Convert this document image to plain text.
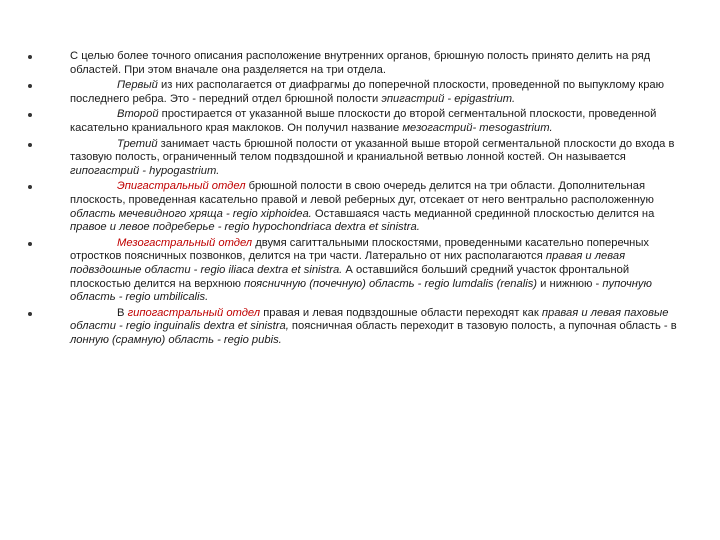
С целью более точного описания расположение внутренних органов, брюшную полость принято делить на ряд областей. При этом вначале она разделяется на три отдела.
Первый из них располагается от диафрагмы до поперечной плоскости, проведенной по выпуклому краю последнего ребра. Это - передний отдел брюшной полости эпигастрий - epigastrium.
Второй простирается от указанной выше плоскости до второй сегментальной плоскости, проведенной касательно краниального края маклоков. Он получил название мезогастрий- mesogastrium.
Третий занимает часть брюшной полости от указанной выше второй сегментальной плоскости до входа в тазовую полость, ограниченный телом подвздошной и краниальной ветвью лонной костей. Он называется гипогастрий - hypogastrium.
Эпигастральный отдел брюшной полости в свою очередь делится на три области. Дополнительная плоскость, проведенная касательно правой и левой реберных дуг, отсекает от него вентрально расположенную область мечевидного хряща - regio xiphoidea. Оставшаяся часть медианной срединной плоскостью делится на правое и левое подреберье - regio hypochondriaca dextra et sinistra.
Мезогастральный отдел двумя сагиттальными плоскостями, проведенными касательно поперечных отростков поясничных позвонков, делится на три части. Латерально от них располагаются правая и левая подвздошные области - regio iliaca dextra et sinistra. А оставшийся больший средний участок фронтальной плоскостью делится на верхнюю поясничную (почечную) область - regio lumdalis (renalis) и нижнюю - пупочную область - regio umbilicalis.
В гипогастральный отдел правая и левая подвздошные области переходят как правая и левая паховые области - regio inguinalis dextra et sinistra, поясничная область переходит в тазовую полость, а пупочная область - в лонную (срамную) область - regio pubis.
